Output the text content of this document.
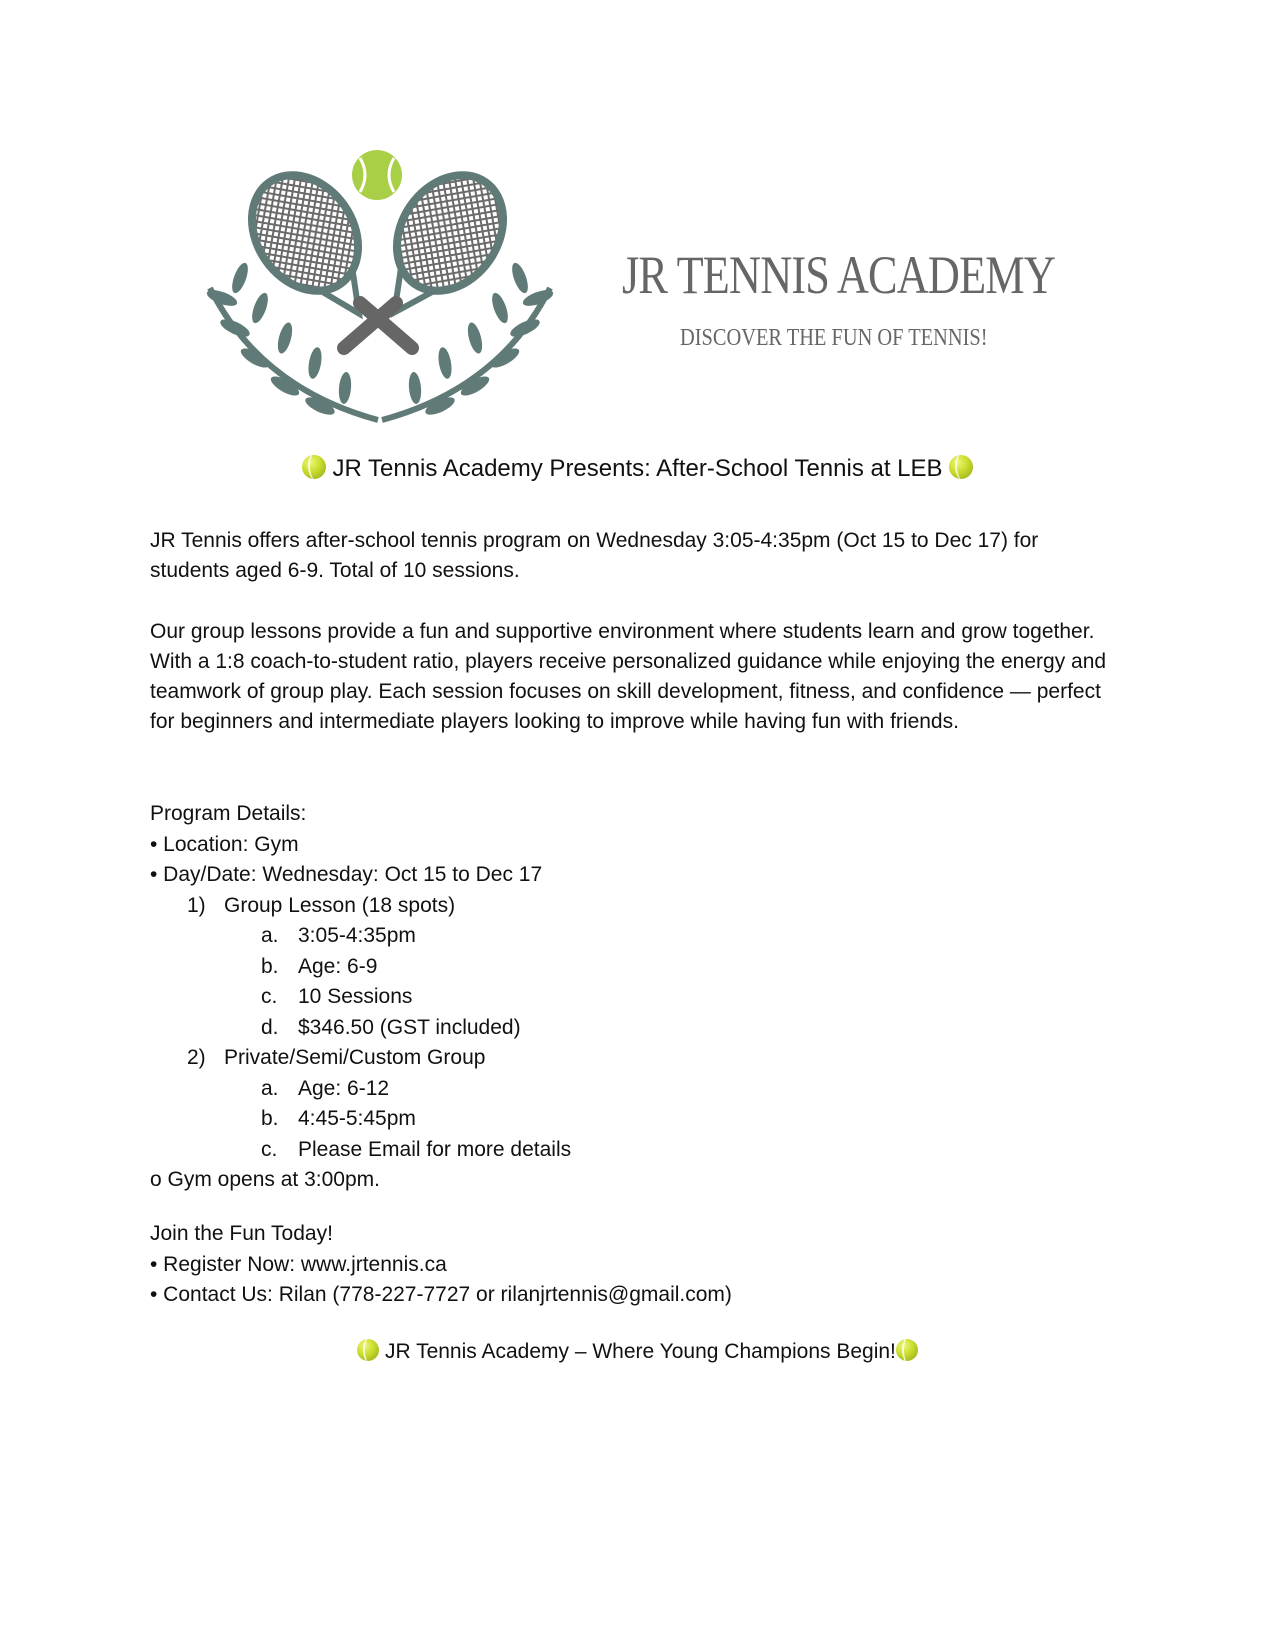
JR TENNIS ACADEMY
DISCOVER THE FUN OF TENNIS!
JR Tennis Academy Presents: After-School Tennis at LEB
JR Tennis offers after-school tennis program on Wednesday 3:05-4:35pm (Oct 15 to Dec 17) for students aged 6-9. Total of 10 sessions.
Our group lessons provide a fun and supportive environment where students learn and grow together. With a 1:8 coach-to-student ratio, players receive personalized guidance while enjoying the energy and teamwork of group play. Each session focuses on skill development, fitness, and confidence — perfect for beginners and intermediate players looking to improve while having fun with friends.
Program Details:
• Location: Gym
• Day/Date: Wednesday: Oct 15 to Dec 17
1) Group Lesson (18 spots)
a. 3:05-4:35pm
b. Age: 6-9
c. 10 Sessions
d. $346.50 (GST included)
2) Private/Semi/Custom Group
a. Age: 6-12
b. 4:45-5:45pm
c. Please Email for more details
o Gym opens at 3:00pm.
Join the Fun Today!
• Register Now: www.jrtennis.ca
• Contact Us: Rilan (778-227-7727 or rilanjrtennis@gmail.com)
JR Tennis Academy – Where Young Champions Begin!
